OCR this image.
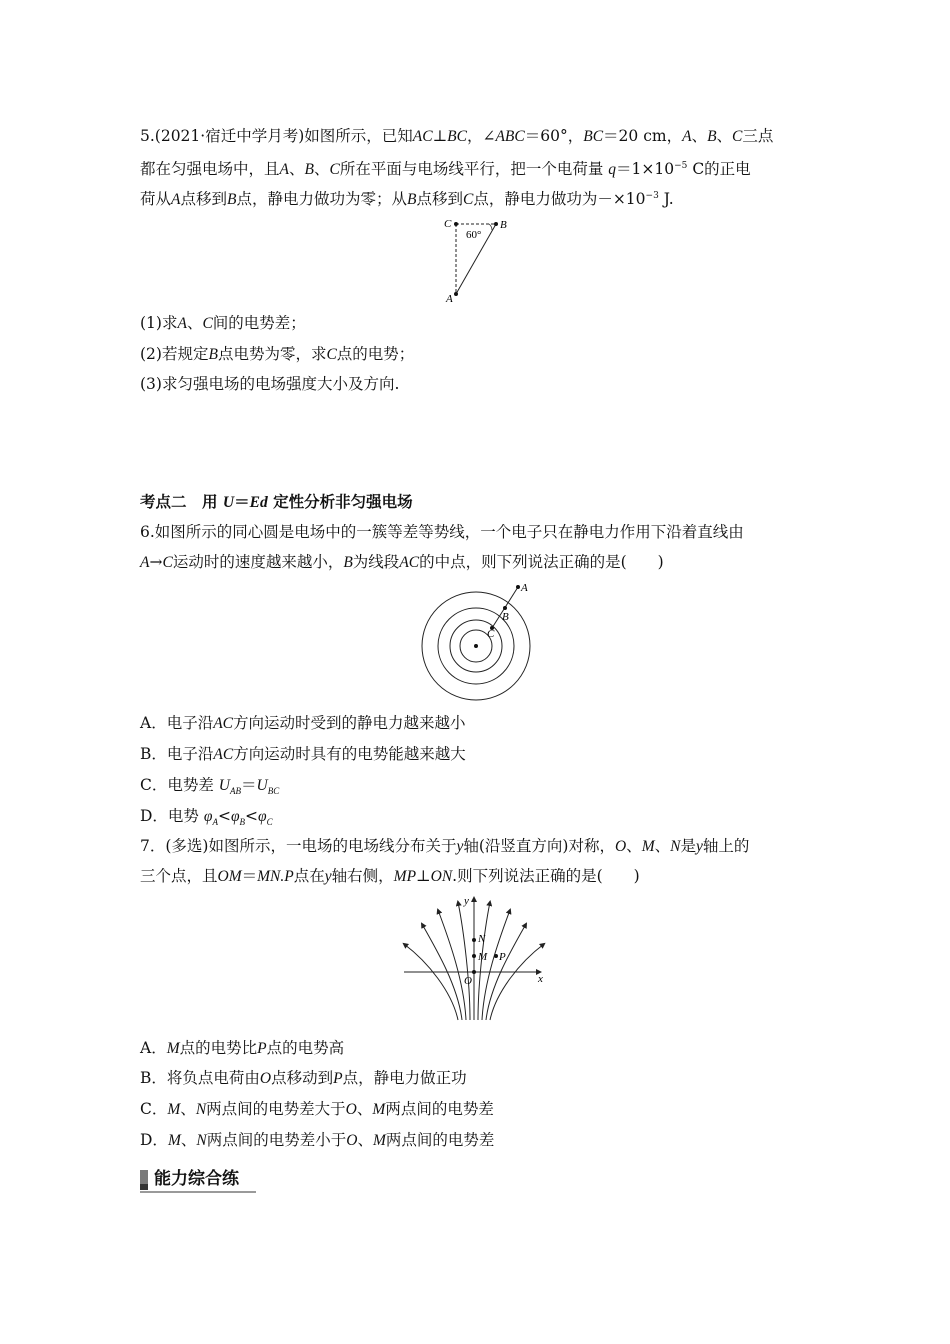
5.(2021·宿迁中学月考)如图所示，已知AC⊥BC，∠ABC＝60°，BC＝20 cm，A、B、C三点
都在匀强电场中，且A、B、C所在平面与电场线平行，把一个电荷量 $q=1\times 10^{-5}$ C的正电
荷从A点移到B点，静电力做功为零；从B点移到C点，静电力做功为$-\times 10^{-3}$ J.
C	B
A
60°
(1)求A、C间的电势差；
(2)若规定B点电势为零，求C点的电势；
(3)求匀强电场的电场强度大小及方向.
考点二　用 U＝Ed 定性分析非匀强电场
6.如图所示的同心圆是电场中的一簇等差等势线，一个电子只在静电力作用下沿着直线由
A→C运动时的速度越来越小，B为线段AC的中点，则下列说法正确的是(　　)
A
B
C
A．电子沿AC方向运动时受到的静电力越来越小
B．电子沿AC方向运动时具有的电势能越来越大
C．电势差 $U_{AB}=U_{BC}$
D．电势 $\varphi_A<\varphi_B<\varphi_C$
7．(多选)如图所示，一电场的电场线分布关于y轴(沿竖直方向)对称，O、M、N是y轴上的
三个点，且OM＝MN.P点在y轴右侧，MP⊥ON.则下列说法正确的是(　　)
y
x
O
M
N
P
A．M点的电势比P点的电势高
B．将负点电荷由O点移动到P点，静电力做正功
C．M、N两点间的电势差大于O、M两点间的电势差
D．M、N两点间的电势差小于O、M两点间的电势差
能力综合练
